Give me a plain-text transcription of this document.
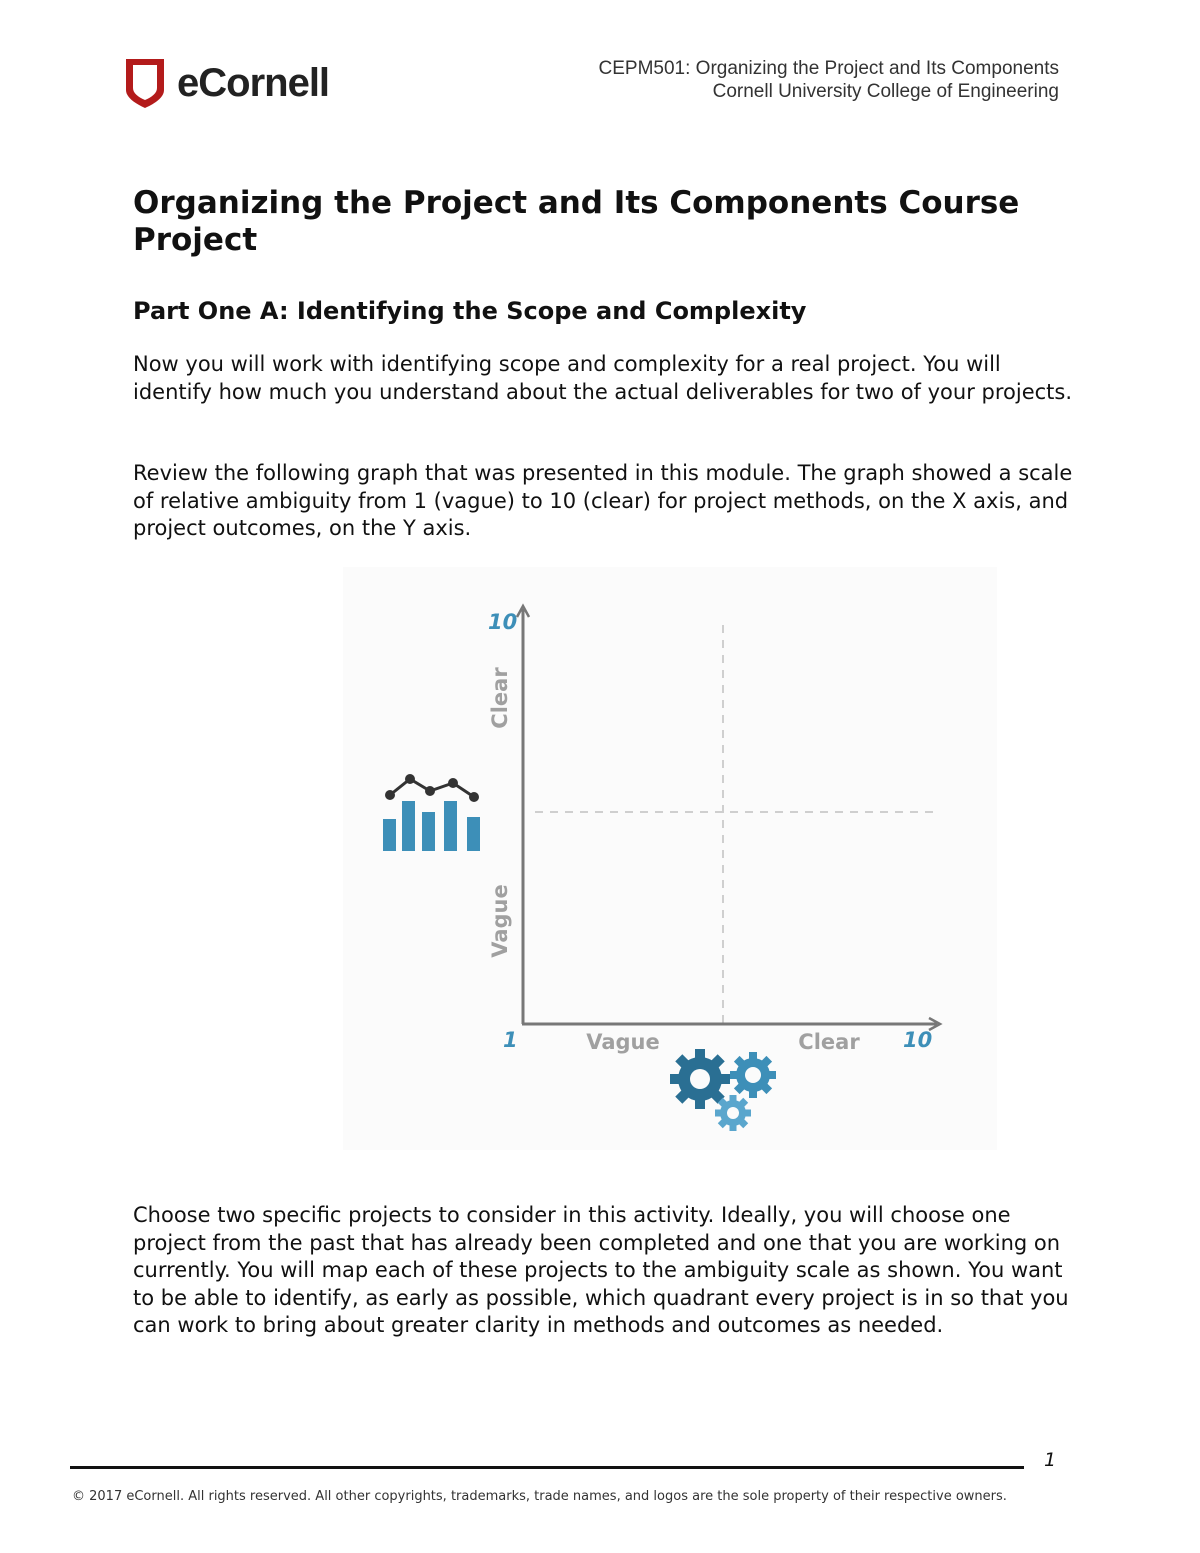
eCornell	CEPM501: Organizing the Project and Its Components
Cornell University College of Engineering
Organizing the Project and Its Components Course Project
Part One A: Identifying the Scope and Complexity

Now you will work with identifying scope and complexity for a real project. You will identify how much you understand about the actual deliverables for two of your projects.

Review the following graph that was presented in this module. The graph showed a scale of relative ambiguity from 1 (vague) to 10 (clear) for project methods, on the X axis, and project outcomes, on the Y axis.

10
Clear
Vague
1	Vague	Clear 10

Choose two specific projects to consider in this activity. Ideally, you will choose one project from the past that has already been completed and one that you are working on currently. You will map each of these projects to the ambiguity scale as shown. You want to be able to identify, as early as possible, which quadrant every project is in so that you can work to bring about greater clarity in methods and outcomes as needed.

1
© 2017 eCornell. All rights reserved. All other copyrights, trademarks, trade names, and logos are the sole property of their respective owners.
